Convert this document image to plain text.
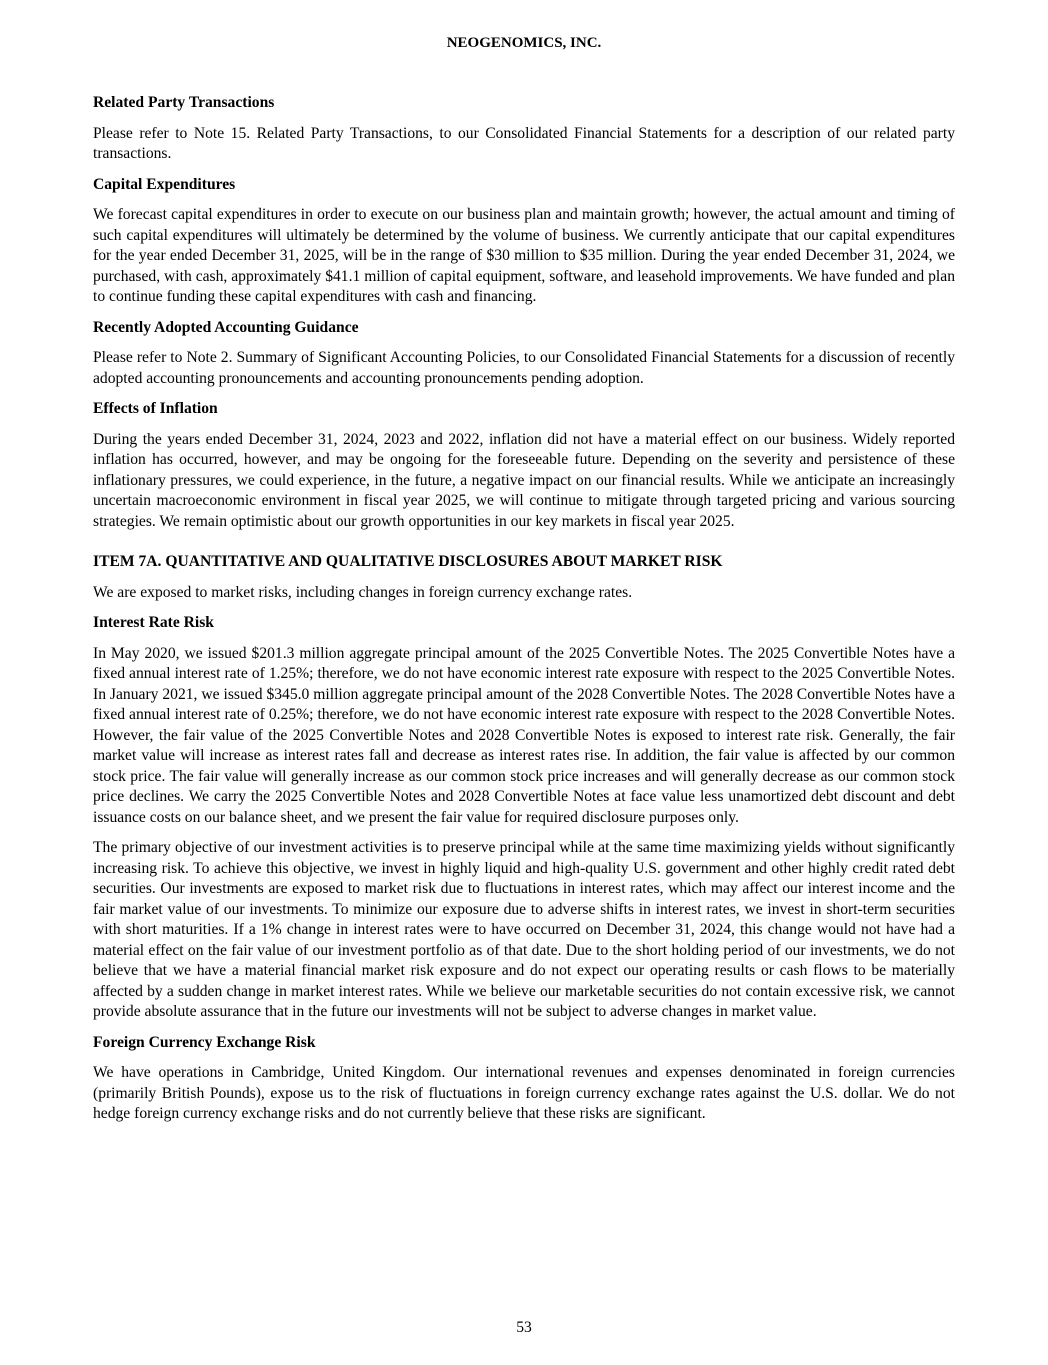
NEOGENOMICS, INC.
Related Party Transactions

Please refer to Note 15. Related Party Transactions, to our Consolidated Financial Statements for a description of our related party transactions.

Capital Expenditures

We forecast capital expenditures in order to execute on our business plan and maintain growth; however, the actual amount and timing of such capital expenditures will ultimately be determined by the volume of business. We currently anticipate that our capital expenditures for the year ended December 31, 2025, will be in the range of $30 million to $35 million. During the year ended December 31, 2024, we purchased, with cash, approximately $41.1 million of capital equipment, software, and leasehold improvements. We have funded and plan to continue funding these capital expenditures with cash and financing.

Recently Adopted Accounting Guidance

Please refer to Note 2. Summary of Significant Accounting Policies, to our Consolidated Financial Statements for a discussion of recently adopted accounting pronouncements and accounting pronouncements pending adoption.

Effects of Inflation

During the years ended December 31, 2024, 2023 and 2022, inflation did not have a material effect on our business. Widely reported inflation has occurred, however, and may be ongoing for the foreseeable future. Depending on the severity and persistence of these inflationary pressures, we could experience, in the future, a negative impact on our financial results. While we anticipate an increasingly uncertain macroeconomic environment in fiscal year 2025, we will continue to mitigate through targeted pricing and various sourcing strategies. We remain optimistic about our growth opportunities in our key markets in fiscal year 2025.

ITEM 7A. QUANTITATIVE AND QUALITATIVE DISCLOSURES ABOUT MARKET RISK

We are exposed to market risks, including changes in foreign currency exchange rates.

Interest Rate Risk

In May 2020, we issued $201.3 million aggregate principal amount of the 2025 Convertible Notes. The 2025 Convertible Notes have a fixed annual interest rate of 1.25%; therefore, we do not have economic interest rate exposure with respect to the 2025 Convertible Notes. In January 2021, we issued $345.0 million aggregate principal amount of the 2028 Convertible Notes. The 2028 Convertible Notes have a fixed annual interest rate of 0.25%; therefore, we do not have economic interest rate exposure with respect to the 2028 Convertible Notes. However, the fair value of the 2025 Convertible Notes and 2028 Convertible Notes is exposed to interest rate risk. Generally, the fair market value will increase as interest rates fall and decrease as interest rates rise. In addition, the fair value is affected by our common stock price. The fair value will generally increase as our common stock price increases and will generally decrease as our common stock price declines. We carry the 2025 Convertible Notes and 2028 Convertible Notes at face value less unamortized debt discount and debt issuance costs on our balance sheet, and we present the fair value for required disclosure purposes only.

The primary objective of our investment activities is to preserve principal while at the same time maximizing yields without significantly increasing risk. To achieve this objective, we invest in highly liquid and high-quality U.S. government and other highly credit rated debt securities. Our investments are exposed to market risk due to fluctuations in interest rates, which may affect our interest income and the fair market value of our investments. To minimize our exposure due to adverse shifts in interest rates, we invest in short-term securities with short maturities. If a 1% change in interest rates were to have occurred on December 31, 2024, this change would not have had a material effect on the fair value of our investment portfolio as of that date. Due to the short holding period of our investments, we do not believe that we have a material financial market risk exposure and do not expect our operating results or cash flows to be materially affected by a sudden change in market interest rates. While we believe our marketable securities do not contain excessive risk, we cannot provide absolute assurance that in the future our investments will not be subject to adverse changes in market value.

Foreign Currency Exchange Risk

We have operations in Cambridge, United Kingdom. Our international revenues and expenses denominated in foreign currencies (primarily British Pounds), expose us to the risk of fluctuations in foreign currency exchange rates against the U.S. dollar. We do not hedge foreign currency exchange risks and do not currently believe that these risks are significant.

53
